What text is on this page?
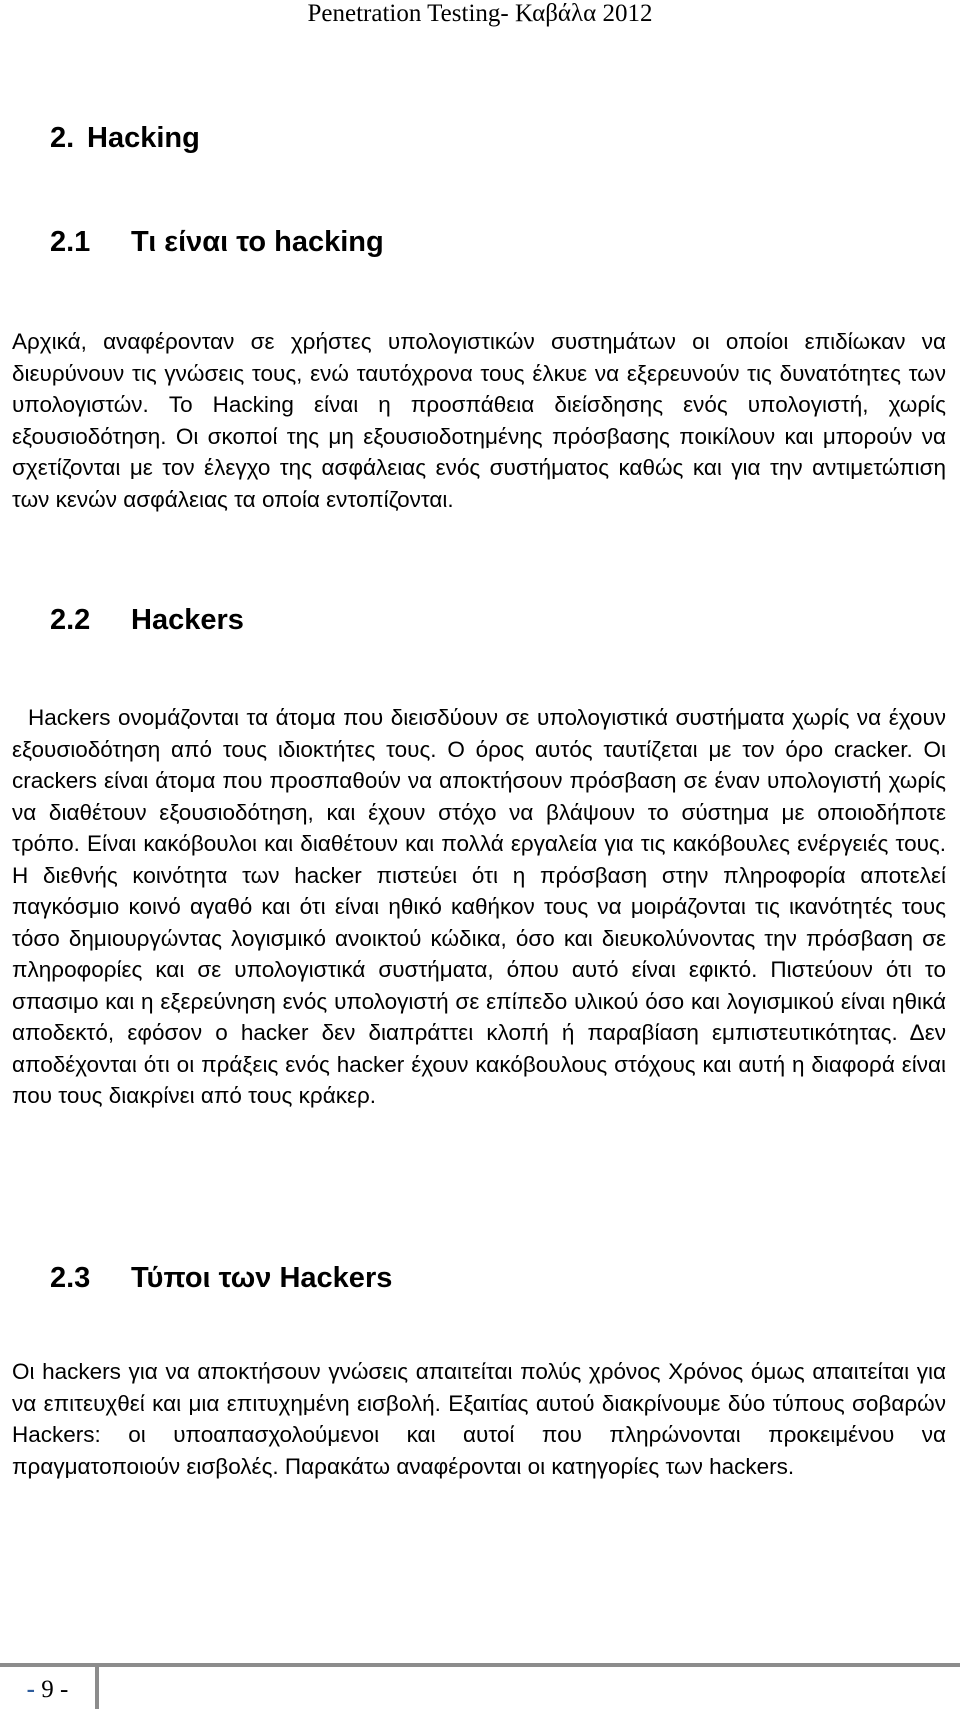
Penetration Testing- Καβάλα 2012
2. Hacking
2.1 Τι είναι το hacking
Αρχικά, αναφέρονταν σε χρήστες υπολογιστικών συστημάτων οι οποίοι επιδίωκαν να διευρύνουν τις γνώσεις τους, ενώ ταυτόχρονα τους έλκυε να εξερευνούν τις δυνατότητες των υπολογιστών. To Hacking είναι η προσπάθεια διείσδησης ενός υπολογιστή, χωρίς εξουσιοδότηση. Οι σκοποί της μη εξουσιοδοτημένης πρόσβασης ποικίλουν και μπορούν να σχετίζονται με τον έλεγχο της ασφάλειας ενός συστήματος καθώς και για την αντιμετώπιση των κενών ασφάλειας τα οποία εντοπίζονται.
2.2 Hackers
Hackers ονομάζονται τα άτομα που διεισδύουν σε υπολογιστικά συστήματα χωρίς να έχουν εξουσιοδότηση από τους ιδιοκτήτες τους. Ο όρος αυτός ταυτίζεται με τον όρο cracker. Οι crackers είναι άτομα που προσπαθούν να αποκτήσουν πρόσβαση σε έναν υπολογιστή χωρίς να διαθέτουν εξουσιοδότηση, και έχουν στόχο να βλάψουν το σύστημα με οποιοδήποτε τρόπο. Είναι κακόβουλοι και διαθέτουν και πολλά εργαλεία για τις κακόβουλες ενέργειές τους. Η διεθνής κοινότητα των hacker πιστεύει ότι η πρόσβαση στην πληροφορία αποτελεί παγκόσμιο κοινό αγαθό και ότι είναι ηθικό καθήκον τους να μοιράζονται τις ικανότητές τους τόσο δημιουργώντας λογισμικό ανοικτού κώδικα, όσο και διευκολύνοντας την πρόσβαση σε πληροφορίες και σε υπολογιστικά συστήματα, όπου αυτό είναι εφικτό. Πιστεύουν ότι το σπασιμο και η εξερεύνηση ενός υπολογιστή σε επίπεδο υλικού όσο και λογισμικού είναι ηθικά αποδεκτό, εφόσον ο hacker δεν διαπράττει κλοπή ή παραβίαση εμπιστευτικότητας. Δεν αποδέχονται ότι οι πράξεις ενός hacker έχουν κακόβουλους στόχους και αυτή η διαφορά είναι που τους διακρίνει από τους κράκερ.
2.3 Τύποι των Hackers
Οι hackers για να αποκτήσουν γνώσεις απαιτείται πολύς χρόνος Χρόνος όμως απαιτείται για να επιτευχθεί και μια επιτυχημένη εισβολή. Εξαιτίας αυτού διακρίνουμε δύο τύπους σοβαρών Hackers: οι υποαπασχολούμενοι και αυτοί που πληρώνονται προκειμένου να πραγματοποιούν εισβολές. Παρακάτω αναφέρονται οι κατηγορίες των hackers.
- 9 -
